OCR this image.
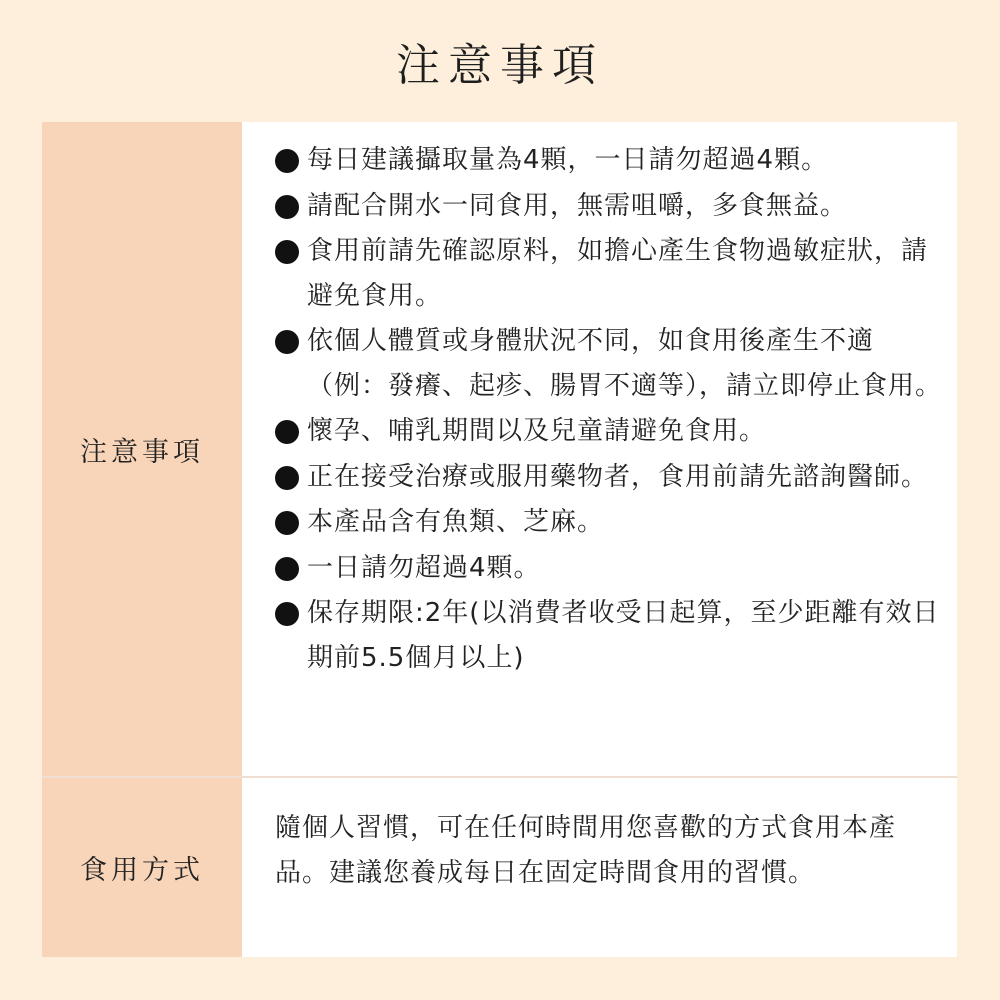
注意事項
注意事項
每日建議攝取量為4顆，一日請勿超過4顆。
請配合開水一同食用，無需咀嚼，多食無益。
食用前請先確認原料，如擔心產生食物過敏症狀，請避免食用。
依個人體質或身體狀況不同，如食用後產生不適（例：發癢、起疹、腸胃不適等），請立即停止食用。
懷孕、哺乳期間以及兒童請避免食用。
正在接受治療或服用藥物者，食用前請先諮詢醫師。
本產品含有魚類、芝麻。
一日請勿超過4顆。
保存期限:2年(以消費者收受日起算，至少距離有效日期前5.5個月以上)
食用方式

隨個人習慣，可在任何時間用您喜歡的方式食用本產品。建議您養成每日在固定時間食用的習慣。
